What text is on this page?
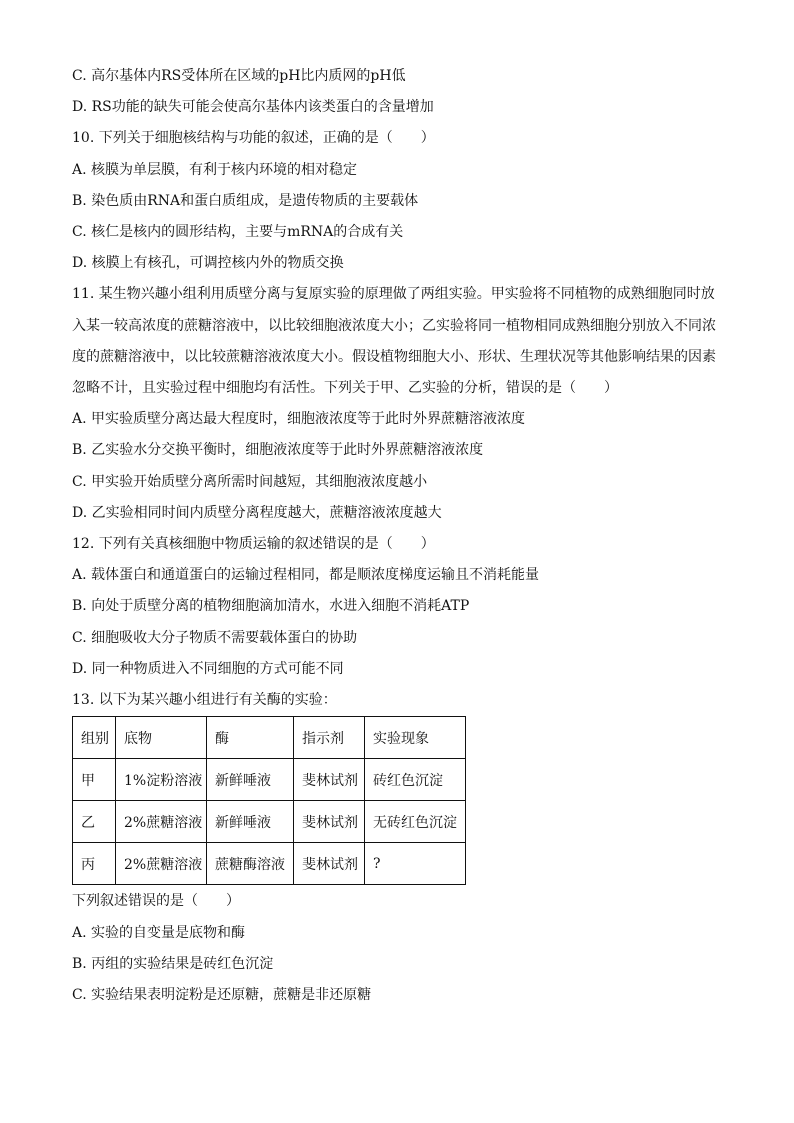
C. 高尔基体内RS受体所在区域的pH比内质网的pH低
D. RS功能的缺失可能会使高尔基体内该类蛋白的含量增加
10. 下列关于细胞核结构与功能的叙述，正确的是（　　）
A. 核膜为单层膜，有利于核内环境的相对稳定
B. 染色质由RNA和蛋白质组成，是遗传物质的主要载体
C. 核仁是核内的圆形结构，主要与mRNA的合成有关
D. 核膜上有核孔，可调控核内外的物质交换
11. 某生物兴趣小组利用质壁分离与复原实验的原理做了两组实验。甲实验将不同植物的成熟细胞同时放
入某一较高浓度的蔗糖溶液中，以比较细胞液浓度大小；乙实验将同一植物相同成熟细胞分别放入不同浓
度的蔗糖溶液中，以比较蔗糖溶液浓度大小。假设植物细胞大小、形状、生理状况等其他影响结果的因素
忽略不计，且实验过程中细胞均有活性。下列关于甲、乙实验的分析，错误的是（　　）
A. 甲实验质壁分离达最大程度时，细胞液浓度等于此时外界蔗糖溶液浓度
B. 乙实验水分交换平衡时，细胞液浓度等于此时外界蔗糖溶液浓度
C. 甲实验开始质壁分离所需时间越短，其细胞液浓度越小
D. 乙实验相同时间内质壁分离程度越大，蔗糖溶液浓度越大
12. 下列有关真核细胞中物质运输的叙述错误的是（　　）
A. 载体蛋白和通道蛋白的运输过程相同，都是顺浓度梯度运输且不消耗能量
B. 向处于质壁分离的植物细胞滴加清水，水进入细胞不消耗ATP
C. 细胞吸收大分子物质不需要载体蛋白的协助
D. 同一种物质进入不同细胞的方式可能不同
13. 以下为某兴趣小组进行有关酶的实验：
组别	底物	酶	指示剂	实验现象
甲	1%淀粉溶液	新鲜唾液	斐林试剂	砖红色沉淀
乙	2%蔗糖溶液	新鲜唾液	斐林试剂	无砖红色沉淀
丙	2%蔗糖溶液	蔗糖酶溶液	斐林试剂	?
下列叙述错误的是（　　）
A. 实验的自变量是底物和酶
B. 丙组的实验结果是砖红色沉淀
C. 实验结果表明淀粉是还原糖，蔗糖是非还原糖
